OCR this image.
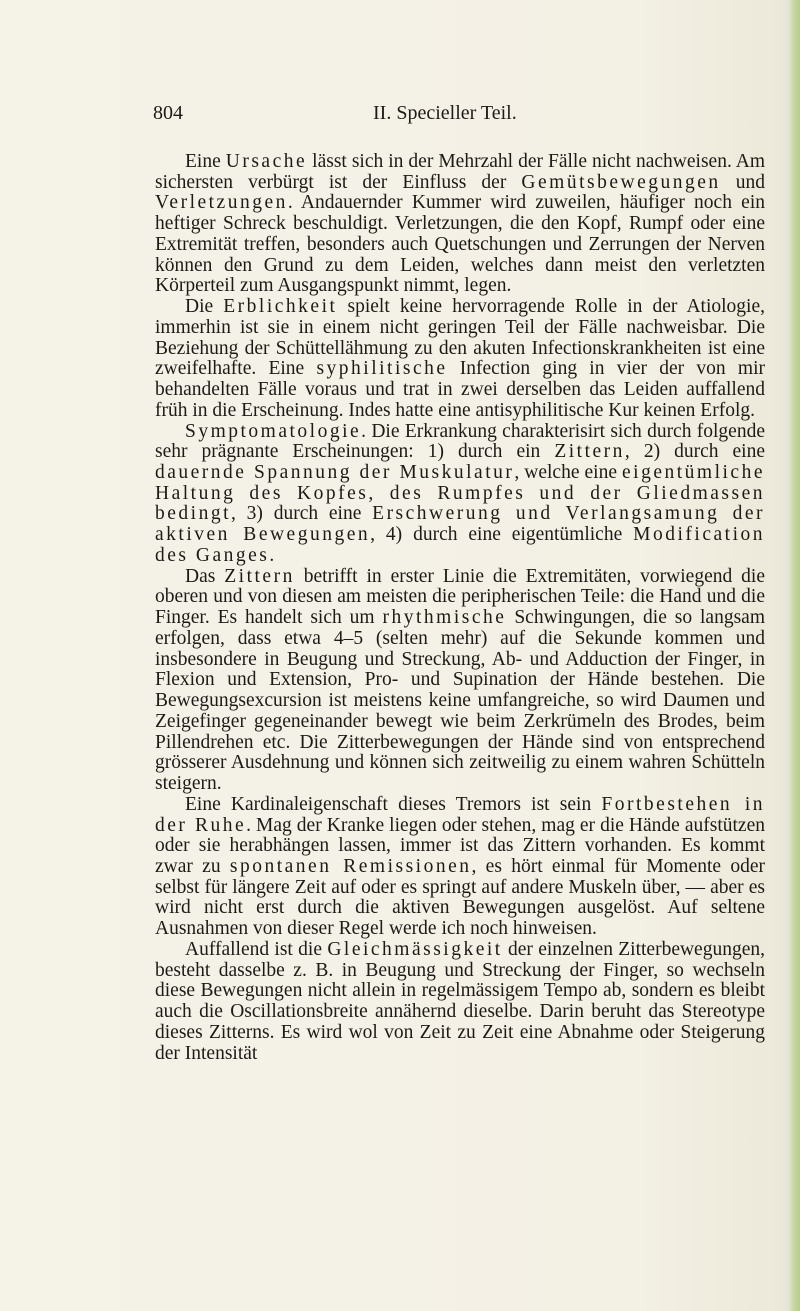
804	II. Specieller Teil.

Eine Ursache lässt sich in der Mehrzahl der Fälle nicht nachweisen. Am sichersten verbürgt ist der Einfluss der Gemütsbewegungen und Verletzungen. Andauernder Kummer wird zuweilen, häufiger noch ein heftiger Schreck beschuldigt. Verletzungen, die den Kopf, Rumpf oder eine Extremität treffen, besonders auch Quetschungen und Zerrungen der Nerven können den Grund zu dem Leiden, welches dann meist den verletzten Körperteil zum Ausgangspunkt nimmt, legen.

Die Erblichkeit spielt keine hervorragende Rolle in der Atiologie, immerhin ist sie in einem nicht geringen Teil der Fälle nachweisbar. Die Beziehung der Schüttellähmung zu den akuten Infectionskrankheiten ist eine zweifelhafte. Eine syphilitische Infection ging in vier der von mir behandelten Fälle voraus und trat in zwei derselben das Leiden auffallend früh in die Erscheinung. Indes hatte eine antisyphilitische Kur keinen Erfolg.

Symptomatologie. Die Erkrankung charakterisirt sich durch folgende sehr prägnante Erscheinungen: 1) durch ein Zittern, 2) durch eine dauernde Spannung der Muskulatur, welche eine eigentümliche Haltung des Kopfes, des Rumpfes und der Gliedmassen bedingt, 3) durch eine Erschwerung und Verlangsamung der aktiven Bewegungen, 4) durch eine eigentümliche Modification des Ganges.

Das Zittern betrifft in erster Linie die Extremitäten, vorwiegend die oberen und von diesen am meisten die peripherischen Teile: die Hand und die Finger. Es handelt sich um rhythmische Schwingungen, die so langsam erfolgen, dass etwa 4–5 (selten mehr) auf die Sekunde kommen und insbesondere in Beugung und Streckung, Ab- und Adduction der Finger, in Flexion und Extension, Pro- und Supination der Hände bestehen. Die Bewegungsexcursion ist meistens keine umfangreiche, so wird Daumen und Zeigefinger gegeneinander bewegt wie beim Zerkrümeln des Brodes, beim Pillendrehen etc. Die Zitterbewegungen der Hände sind von entsprechend grösserer Ausdehnung und können sich zeitweilig zu einem wahren Schütteln steigern.

Eine Kardinaleigenschaft dieses Tremors ist sein Fortbestehen in der Ruhe. Mag der Kranke liegen oder stehen, mag er die Hände aufstützen oder sie herabhängen lassen, immer ist das Zittern vorhanden. Es kommt zwar zu spontanen Remissionen, es hört einmal für Momente oder selbst für längere Zeit auf oder es springt auf andere Muskeln über, — aber es wird nicht erst durch die aktiven Bewegungen ausgelöst. Auf seltene Ausnahmen von dieser Regel werde ich noch hinweisen.

Auffallend ist die Gleichmässigkeit der einzelnen Zitterbewegungen, besteht dasselbe z. B. in Beugung und Streckung der Finger, so wechseln diese Bewegungen nicht allein in regelmässigem Tempo ab, sondern es bleibt auch die Oscillationsbreite annähernd dieselbe. Darin beruht das Stereotype dieses Zitterns. Es wird wol von Zeit zu Zeit eine Abnahme oder Steigerung der Intensität
